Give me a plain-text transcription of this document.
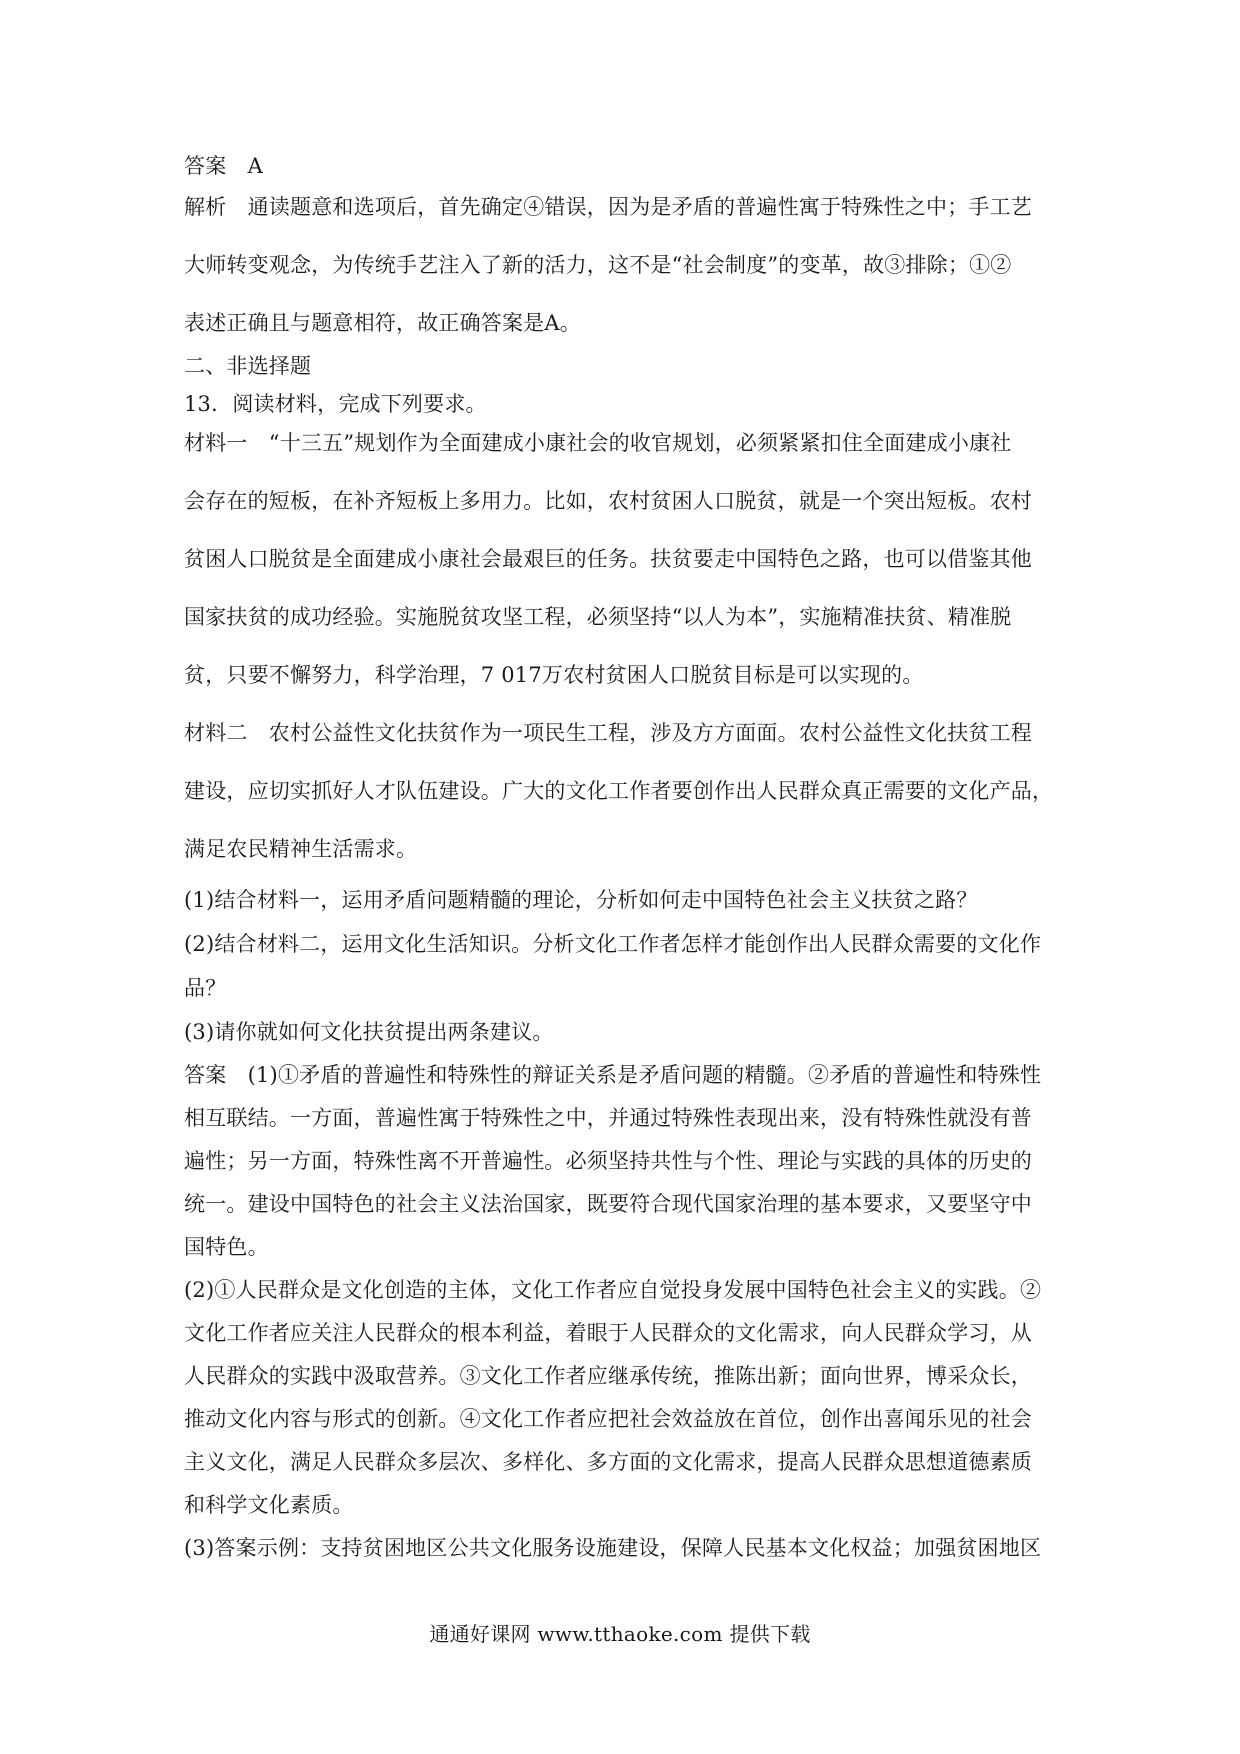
答案　A
解析　通读题意和选项后，首先确定④错误，因为是矛盾的普遍性寓于特殊性之中；手工艺
大师转变观念，为传统手艺注入了新的活力，这不是“社会制度”的变革，故③排除；①②
表述正确且与题意相符，故正确答案是A。
二、非选择题
13．阅读材料，完成下列要求。
材料一　“十三五”规划作为全面建成小康社会的收官规划，必须紧紧扣住全面建成小康社
会存在的短板，在补齐短板上多用力。比如，农村贫困人口脱贫，就是一个突出短板。农村
贫困人口脱贫是全面建成小康社会最艰巨的任务。扶贫要走中国特色之路，也可以借鉴其他
国家扶贫的成功经验。实施脱贫攻坚工程，必须坚持“以人为本”，实施精准扶贫、精准脱
贫，只要不懈努力，科学治理，7 017万农村贫困人口脱贫目标是可以实现的。
材料二　农村公益性文化扶贫作为一项民生工程，涉及方方面面。农村公益性文化扶贫工程
建设，应切实抓好人才队伍建设。广大的文化工作者要创作出人民群众真正需要的文化产品，
满足农民精神生活需求。
(1)结合材料一，运用矛盾问题精髓的理论，分析如何走中国特色社会主义扶贫之路？
(2)结合材料二，运用文化生活知识。分析文化工作者怎样才能创作出人民群众需要的文化作
品？
(3)请你就如何文化扶贫提出两条建议。
答案　(1)①矛盾的普遍性和特殊性的辩证关系是矛盾问题的精髓。②矛盾的普遍性和特殊性
相互联结。一方面，普遍性寓于特殊性之中，并通过特殊性表现出来，没有特殊性就没有普
遍性；另一方面，特殊性离不开普遍性。必须坚持共性与个性、理论与实践的具体的历史的
统一。建设中国特色的社会主义法治国家，既要符合现代国家治理的基本要求，又要坚守中
国特色。
(2)①人民群众是文化创造的主体，文化工作者应自觉投身发展中国特色社会主义的实践。②
文化工作者应关注人民群众的根本利益，着眼于人民群众的文化需求，向人民群众学习，从
人民群众的实践中汲取营养。③文化工作者应继承传统，推陈出新；面向世界，博采众长，
推动文化内容与形式的创新。④文化工作者应把社会效益放在首位，创作出喜闻乐见的社会
主义文化，满足人民群众多层次、多样化、多方面的文化需求，提高人民群众思想道德素质
和科学文化素质。
(3)答案示例：支持贫困地区公共文化服务设施建设，保障人民基本文化权益；加强贫困地区
通通好课网 www.tthaoke.com 提供下载
